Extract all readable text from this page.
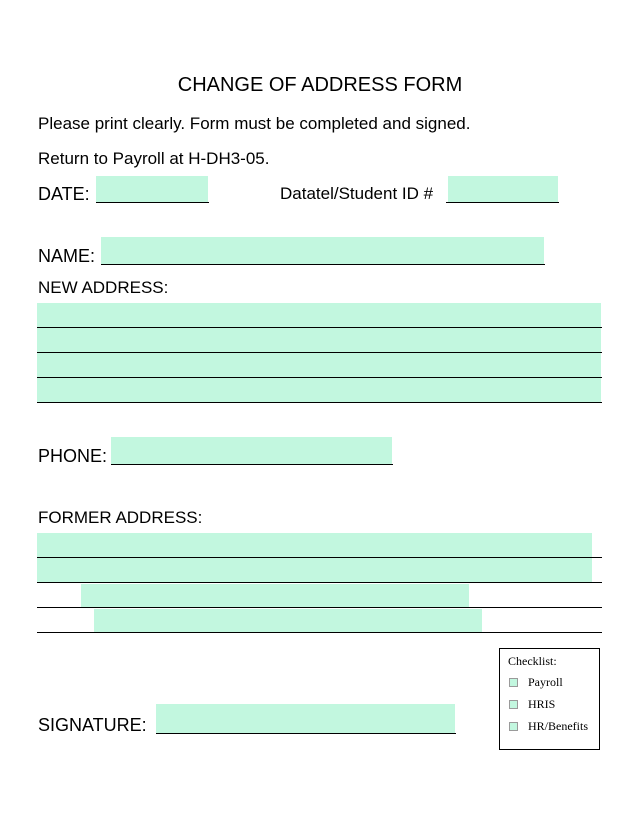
CHANGE OF ADDRESS FORM
Please print clearly. Form must be completed and signed.
Return to Payroll at H-DH3-05.
DATE:	Datatel/Student ID #
NAME:
NEW ADDRESS:
PHONE:
FORMER ADDRESS:
SIGNATURE:
Checklist:
Payroll
HRIS
HR/Benefits
